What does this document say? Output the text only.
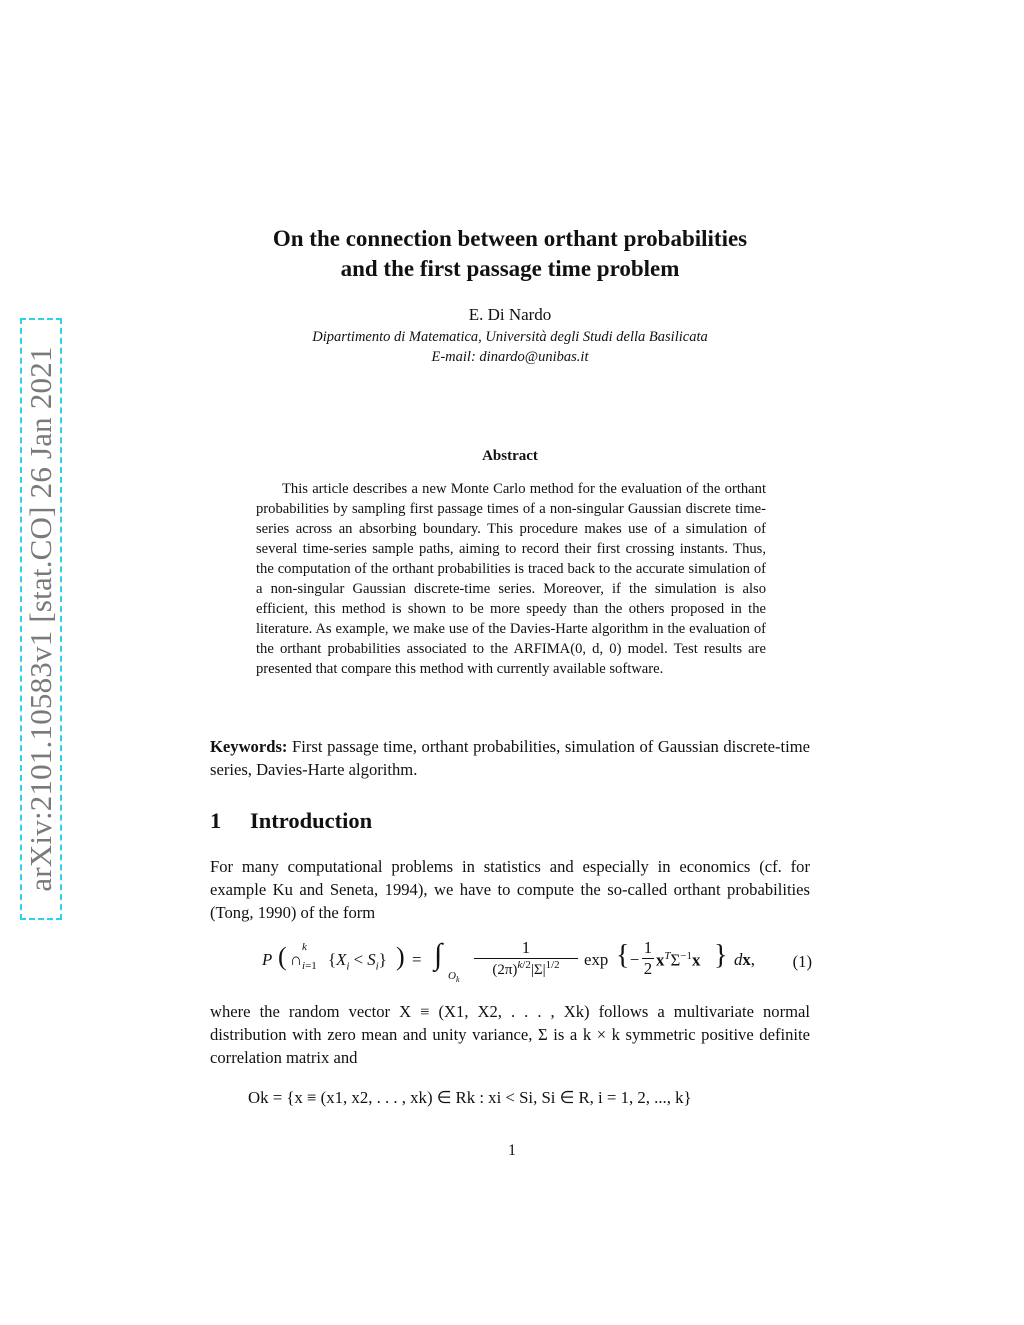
arXiv:2101.10583v1 [stat.CO] 26 Jan 2021
On the connection between orthant probabilities
and the first passage time problem
E. Di Nardo
Dipartimento di Matematica, Università degli Studi della Basilicata
E-mail: dinardo@unibas.it
Abstract

This article describes a new Monte Carlo method for the evaluation of the orthant probabilities by sampling first passage times of a non-singular Gaussian discrete time-series across an absorbing boundary. This procedure makes use of a simulation of several time-series sample paths, aiming to record their first crossing instants. Thus, the computation of the orthant probabilities is traced back to the accurate simulation of a non-singular Gaussian discrete-time series. Moreover, if the simulation is also efficient, this method is shown to be more speedy than the others proposed in the literature. As example, we make use of the Davies-Harte algorithm in the evaluation of the orthant probabilities associated to the ARFIMA(0, d, 0) model. Test results are presented that compare this method with currently available software.

Keywords: First passage time, orthant probabilities, simulation of Gaussian discrete-time series, Davies-Harte algorithm.

1 Introduction

For many computational problems in statistics and especially in economics (cf. for example Ku and Seneta, 1994), we have to compute the so-called orthant probabilities (Tong, 1990) of the form

P ( ∩
k
i=1 $\{X_i < S_i\}$ ) = ∫
$O_k$
$\frac{1}{(2\pi)^{k/2}|\Sigma|^{1/2}}$ exp { − $\frac{1}{2} x^T\Sigma^{-1}x$ } dx, (1)

where the random vector X ≡ (X1, X2, . . . , Xk) follows a multivariate normal distribution with zero mean and unity variance, Σ is a k × k symmetric positive definite correlation matrix and

Ok = {x ≡ (x1, x2, . . . , xk) ∈ Rk : xi < Si, Si ∈ R, i = 1, 2, ..., k}
1
